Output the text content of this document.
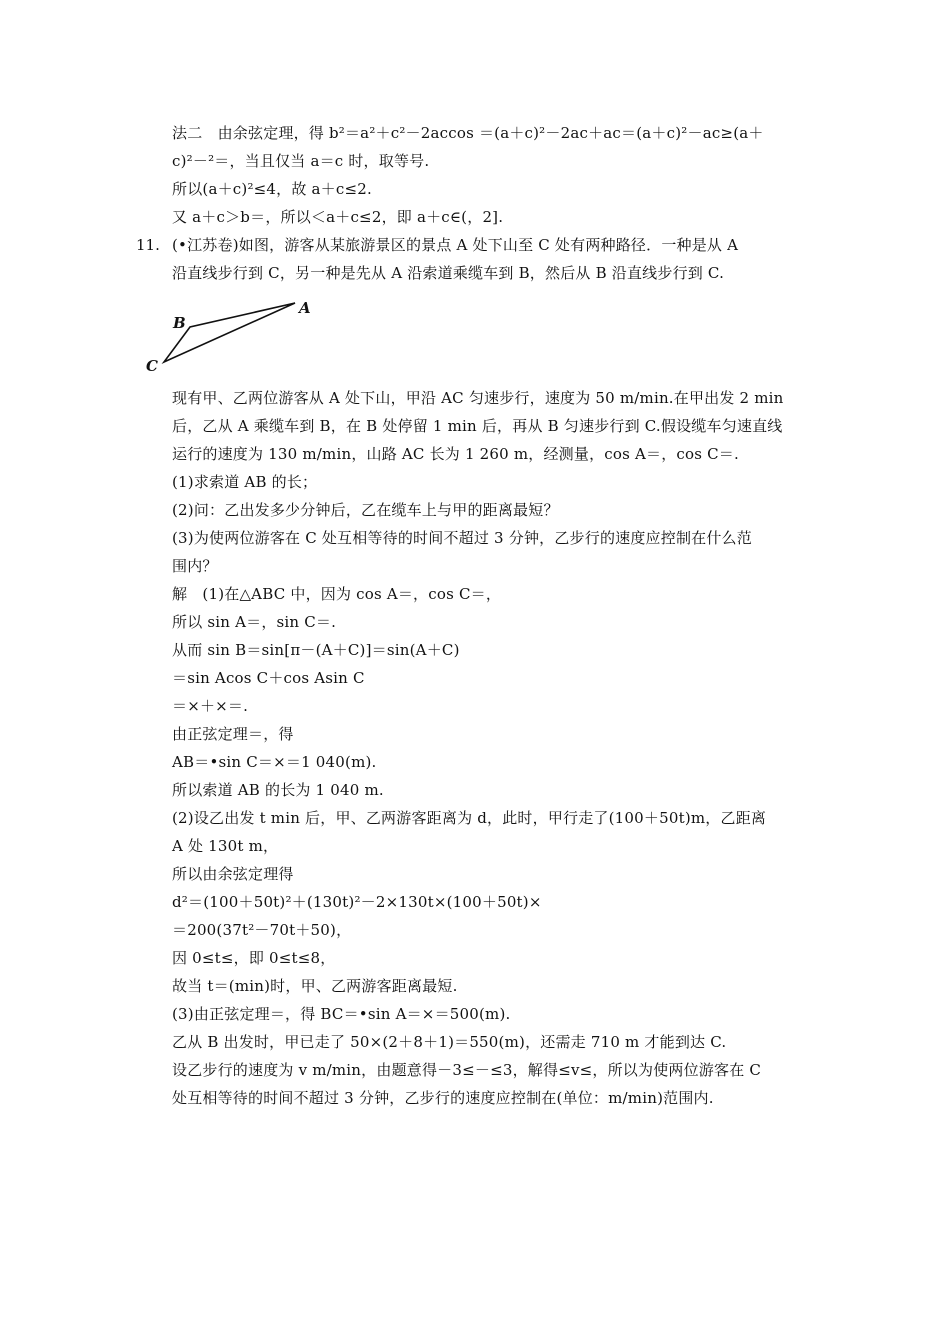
法二　由余弦定理，得 b²＝a²＋c²－2accos ＝(a＋c)²－2ac＋ac＝(a＋c)²－ac≥(a＋
c)²－²＝，当且仅当 a＝c 时，取等号.
所以(a＋c)²≤4，故 a＋c≤2.
又 a＋c＞b＝，所以＜a＋c≤2，即 a＋c∈(，2].
11. (•江苏卷)如图，游客从某旅游景区的景点 A 处下山至 C 处有两种路径．一种是从 A
沿直线步行到 C，另一种是先从 A 沿索道乘缆车到 B，然后从 B 沿直线步行到 C.
A
B
C
现有甲、乙两位游客从 A 处下山，甲沿 AC 匀速步行，速度为 50 m/min.在甲出发 2 min
后，乙从 A 乘缆车到 B，在 B 处停留 1 min 后，再从 B 匀速步行到 C.假设缆车匀速直线
运行的速度为 130 m/min，山路 AC 长为 1 260 m，经测量，cos A＝，cos C＝.
(1)求索道 AB 的长；
(2)问：乙出发多少分钟后，乙在缆车上与甲的距离最短？
(3)为使两位游客在 C 处互相等待的时间不超过 3 分钟，乙步行的速度应控制在什么范
围内？
解　(1)在△ABC 中，因为 cos A＝，cos C＝，
所以 sin A＝，sin C＝.
从而 sin B＝sin[π－(A＋C)]＝sin(A＋C)
＝sin Acos C＋cos Asin C
＝×＋×＝.
由正弦定理＝，得
AB＝•sin C＝×＝1 040(m).
所以索道 AB 的长为 1 040 m.
(2)设乙出发 t min 后，甲、乙两游客距离为 d，此时，甲行走了(100＋50t)m，乙距离
A 处 130t m，
所以由余弦定理得
d²＝(100＋50t)²＋(130t)²－2×130t×(100＋50t)×
＝200(37t²－70t＋50)，
因 0≤t≤，即 0≤t≤8，
故当 t＝(min)时，甲、乙两游客距离最短.
(3)由正弦定理＝，得 BC＝•sin A＝×＝500(m).
乙从 B 出发时，甲已走了 50×(2＋8＋1)＝550(m)，还需走 710 m 才能到达 C.
设乙步行的速度为 v m/min，由题意得－3≤－≤3，解得≤v≤，所以为使两位游客在 C
处互相等待的时间不超过 3 分钟，乙步行的速度应控制在(单位：m/min)范围内.
